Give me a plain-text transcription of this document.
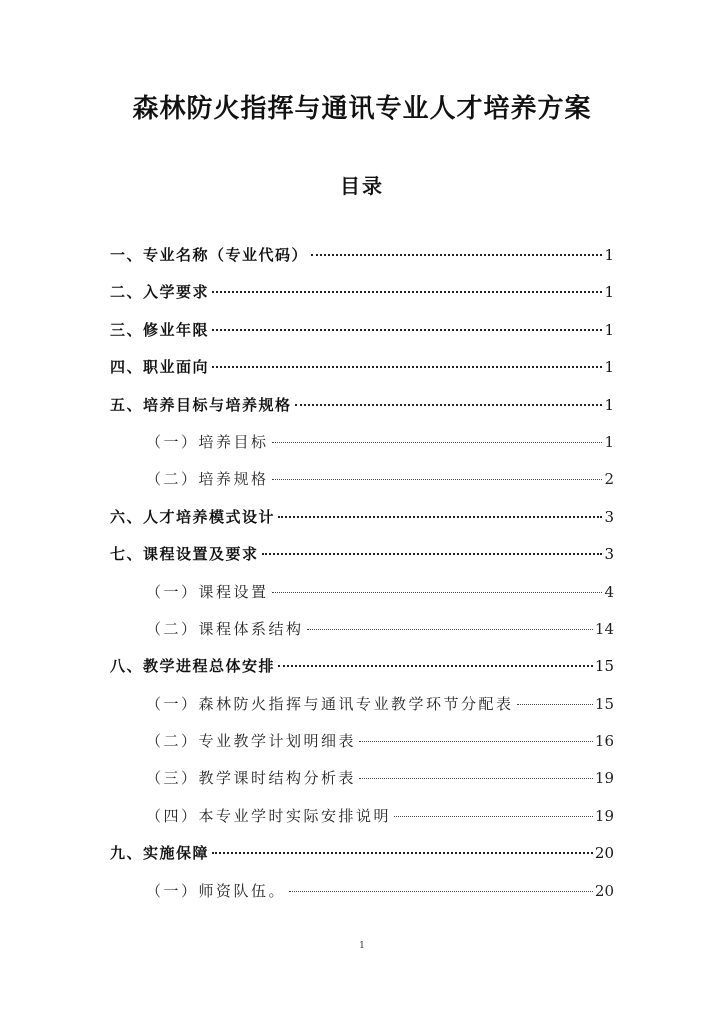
森林防火指挥与通讯专业人才培养方案
目录
一、专业名称（专业代码）	1
二、入学要求	1
三、修业年限	1
四、职业面向	1
五、培养目标与培养规格	1
（一）培养目标	1
（二）培养规格	2
六、人才培养模式设计	3
七、课程设置及要求	3
（一）课程设置	4
（二）课程体系结构	14
八、教学进程总体安排	15
（一）森林防火指挥与通讯专业教学环节分配表	15
（二）专业教学计划明细表	16
（三）教学课时结构分析表	19
（四）本专业学时实际安排说明	19
九、实施保障	20
（一）师资队伍。	20
1
